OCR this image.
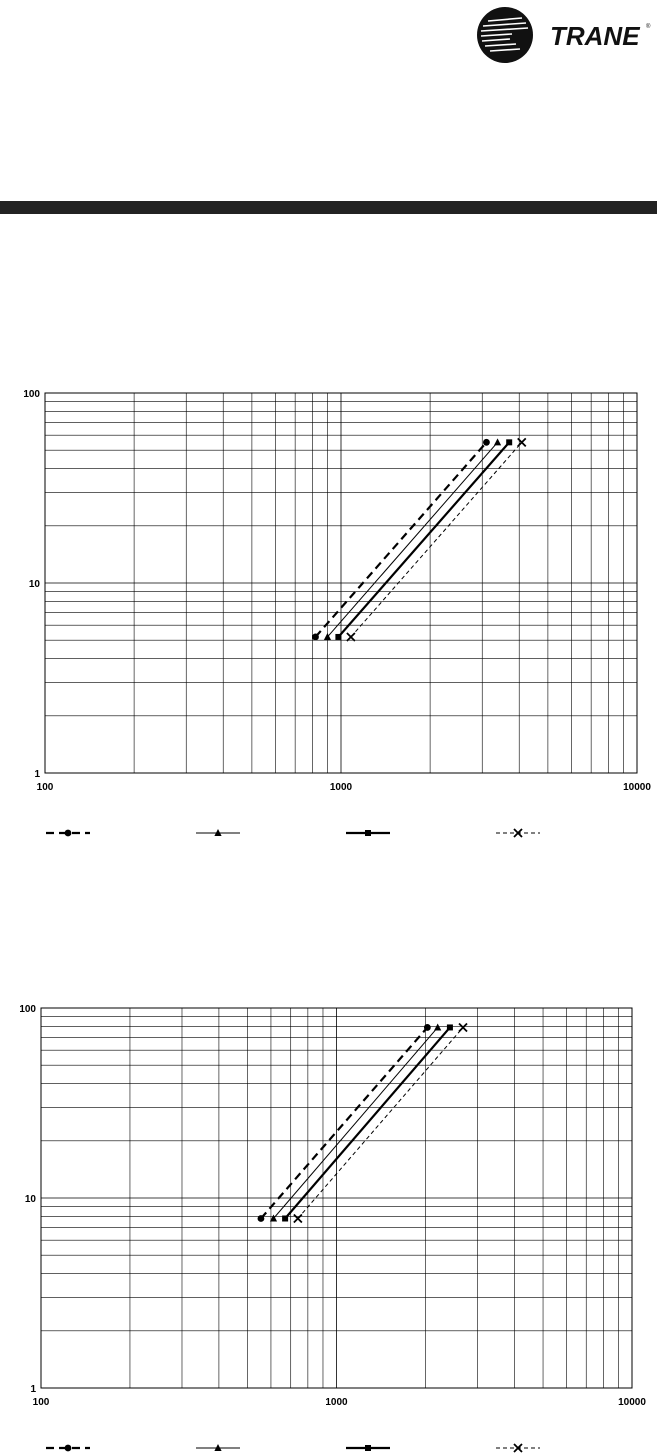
TRANE ®
100	1000	10000
1
10
100
100	1000	10000
1
10
100
